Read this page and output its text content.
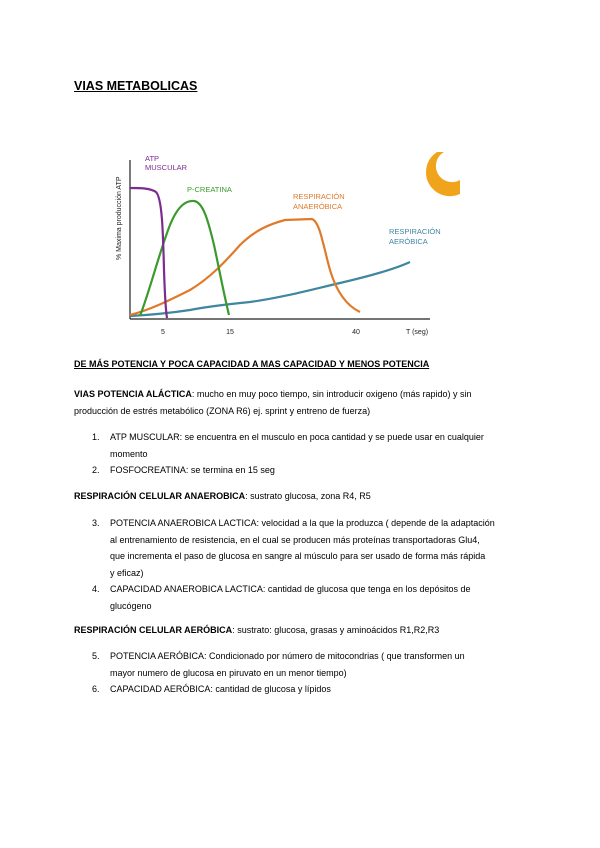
VIAS METABOLICAS
% Maxima producción ATP
5	15	40	T (seg)
ATP MUSCULAR
P-CREATINA
RESPIRACIÓN ANAERÓBICA
RESPIRACIÓN AERÓBICA
DE MÁS POTENCIA Y POCA CAPACIDAD A MAS CAPACIDAD Y MENOS POTENCIA
VIAS POTENCIA ALÁCTICA: mucho en muy poco tiempo, sin introducir oxigeno (más rapido) y sin
producción de estrés metabólico (ZONA R6) ej. sprint y entreno de fuerza)
1. ATP MUSCULAR: se encuentra en el musculo en poca cantidad y se puede usar en cualquier
momento
2. FOSFOCREATINA: se termina en 15 seg
RESPIRACIÓN CELULAR ANAEROBICA: sustrato glucosa, zona R4, R5
3. POTENCIA ANAEROBICA LACTICA: velocidad a la que la produzca ( depende de la adaptación
al entrenamiento de resistencia, en el cual se producen más proteínas transportadoras Glu4,
que incrementa el paso de glucosa en sangre al músculo para ser usado de forma más rápida
y eficaz)
4. CAPACIDAD ANAEROBICA LACTICA: cantidad de glucosa que tenga en los depósitos de
glucógeno
RESPIRACIÓN CELULAR AERÓBICA: sustrato: glucosa, grasas y aminoácidos R1,R2,R3
5. POTENCIA AERÓBICA: Condicionado por número de mitocondrias ( que transformen un
mayor numero de glucosa en piruvato en un menor tiempo)
6. CAPACIDAD AERÓBICA: cantidad de glucosa y lípidos
